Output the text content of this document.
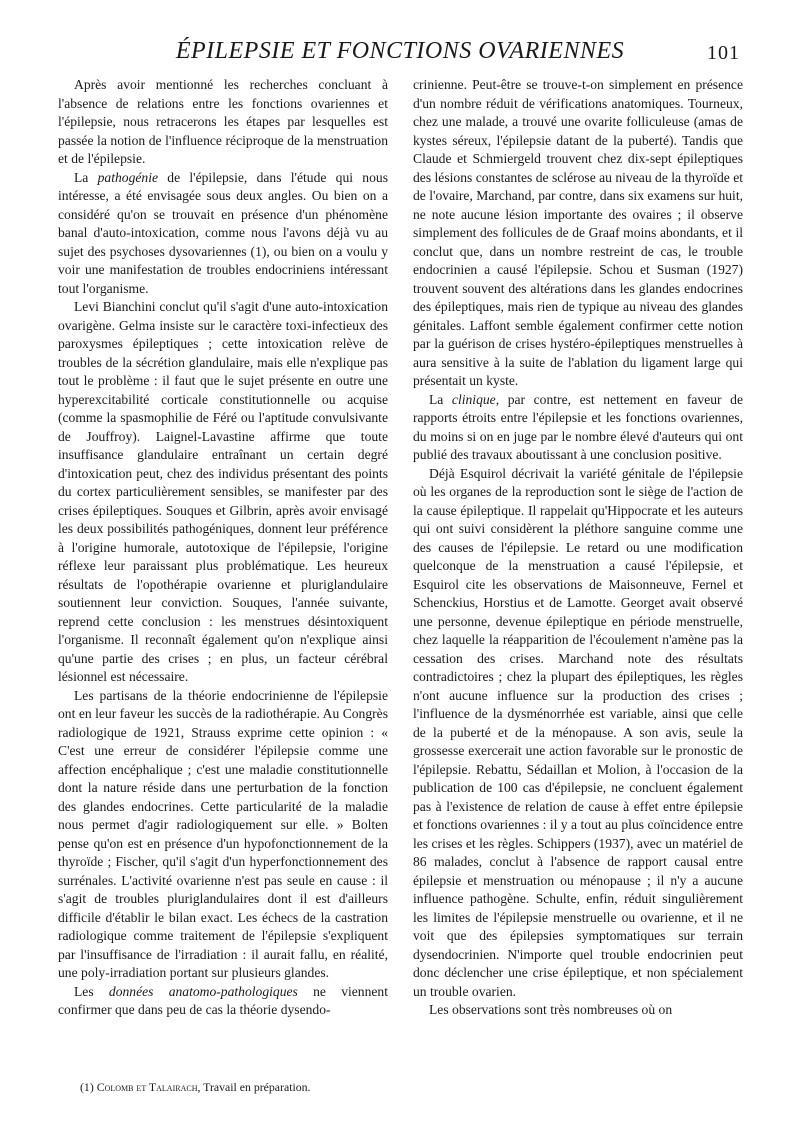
ÉPILEPSIE ET FONCTIONS OVARIENNES	101

Après avoir mentionné les recherches concluant à l'absence de relations entre les fonctions ovariennes et l'épilepsie, nous retracerons les étapes par lesquelles est passée la notion de l'influence réciproque de la menstruation et de l'épilepsie.

La pathogénie de l'épilepsie, dans l'étude qui nous intéresse, a été envisagée sous deux angles. Ou bien on a considéré qu'on se trouvait en présence d'un phénomène banal d'auto-intoxication, comme nous l'avons déjà vu au sujet des psychoses dysovariennes (1), ou bien on a voulu y voir une manifestation de troubles endocriniens intéressant tout l'organisme.

Levi Bianchini conclut qu'il s'agit d'une auto-intoxication ovarigène. Gelma insiste sur le caractère toxi-infectieux des paroxysmes épileptiques ; cette intoxication relève de troubles de la sécrétion glandulaire, mais elle n'explique pas tout le problème : il faut que le sujet présente en outre une hyperexcitabilité corticale constitutionnelle ou acquise (comme la spasmophilie de Féré ou l'aptitude convulsivante de Jouffroy). Laignel-Lavastine affirme que toute insuffisance glandulaire entraînant un certain degré d'intoxication peut, chez des individus présentant des points du cortex particulièrement sensibles, se manifester par des crises épileptiques. Souques et Gilbrin, après avoir envisagé les deux possibilités pathogéniques, donnent leur préférence à l'origine humorale, autotoxique de l'épilepsie, l'origine réflexe leur paraissant plus problématique. Les heureux résultats de l'opothérapie ovarienne et pluriglandulaire soutiennent leur conviction. Souques, l'année suivante, reprend cette conclusion : les menstrues désintoxiquent l'organisme. Il reconnaît également qu'on n'explique ainsi qu'une partie des crises ; en plus, un facteur cérébral lésionnel est nécessaire.

Les partisans de la théorie endocrinienne de l'épilepsie ont en leur faveur les succès de la radiothérapie. Au Congrès radiologique de 1921, Strauss exprime cette opinion : « C'est une erreur de considérer l'épilepsie comme une affection encéphalique ; c'est une maladie constitutionnelle dont la nature réside dans une perturbation de la fonction des glandes endocrines. Cette particularité de la maladie nous permet d'agir radiologiquement sur elle. » Bolten pense qu'on est en présence d'un hypofonctionnement de la thyroïde ; Fischer, qu'il s'agit d'un hyperfonctionnement des surrénales. L'activité ovarienne n'est pas seule en cause : il s'agit de troubles pluriglandulaires dont il est d'ailleurs difficile d'établir le bilan exact. Les échecs de la castration radiologique comme traitement de l'épilepsie s'expliquent par l'insuffisance de l'irradiation : il aurait fallu, en réalité, une poly-irradiation portant sur plusieurs glandes.

Les données anatomo-pathologiques ne viennent confirmer que dans peu de cas la théorie dysendo-

crinienne. Peut-être se trouve-t-on simplement en présence d'un nombre réduit de vérifications anatomiques. Tourneux, chez une malade, a trouvé une ovarite folliculeuse (amas de kystes séreux, l'épilepsie datant de la puberté). Tandis que Claude et Schmiergeld trouvent chez dix-sept épileptiques des lésions constantes de sclérose au niveau de la thyroïde et de l'ovaire, Marchand, par contre, dans six examens sur huit, ne note aucune lésion importante des ovaires ; il observe simplement des follicules de de Graaf moins abondants, et il conclut que, dans un nombre restreint de cas, le trouble endocrinien a causé l'épilepsie. Schou et Susman (1927) trouvent souvent des altérations dans les glandes endocrines des épileptiques, mais rien de typique au niveau des glandes génitales. Laffont semble également confirmer cette notion par la guérison de crises hystéro-épileptiques menstruelles à aura sensitive à la suite de l'ablation du ligament large qui présentait un kyste.

La clinique, par contre, est nettement en faveur de rapports étroits entre l'épilepsie et les fonctions ovariennes, du moins si on en juge par le nombre élevé d'auteurs qui ont publié des travaux aboutissant à une conclusion positive.

Déjà Esquirol décrivait la variété génitale de l'épilepsie où les organes de la reproduction sont le siège de l'action de la cause épileptique. Il rappelait qu'Hippocrate et les auteurs qui ont suivi considèrent la pléthore sanguine comme une des causes de l'épilepsie. Le retard ou une modification quelconque de la menstruation a causé l'épilepsie, et Esquirol cite les observations de Maisonneuve, Fernel et Schenckius, Horstius et de Lamotte. Georget avait observé une personne, devenue épileptique en période menstruelle, chez laquelle la réapparition de l'écoulement n'amène pas la cessation des crises. Marchand note des résultats contradictoires ; chez la plupart des épileptiques, les règles n'ont aucune influence sur la production des crises ; l'influence de la dysménorrhée est variable, ainsi que celle de la puberté et de la ménopause. A son avis, seule la grossesse exercerait une action favorable sur le pronostic de l'épilepsie. Rebattu, Sédaillan et Molion, à l'occasion de la publication de 100 cas d'épilepsie, ne concluent également pas à l'existence de relation de cause à effet entre épilepsie et fonctions ovariennes : il y a tout au plus coïncidence entre les crises et les règles. Schippers (1937), avec un matériel de 86 malades, conclut à l'absence de rapport causal entre épilepsie et menstruation ou ménopause ; il n'y a aucune influence pathogène. Schulte, enfin, réduit singulièrement les limites de l'épilepsie menstruelle ou ovarienne, et il ne voit que des épilepsies symptomatiques sur terrain dysendocrinien. N'importe quel trouble endocrinien peut donc déclencher une crise épileptique, et non spécialement un trouble ovarien.

Les observations sont très nombreuses où on

(1) Colomb et Talairach, Travail en préparation.
